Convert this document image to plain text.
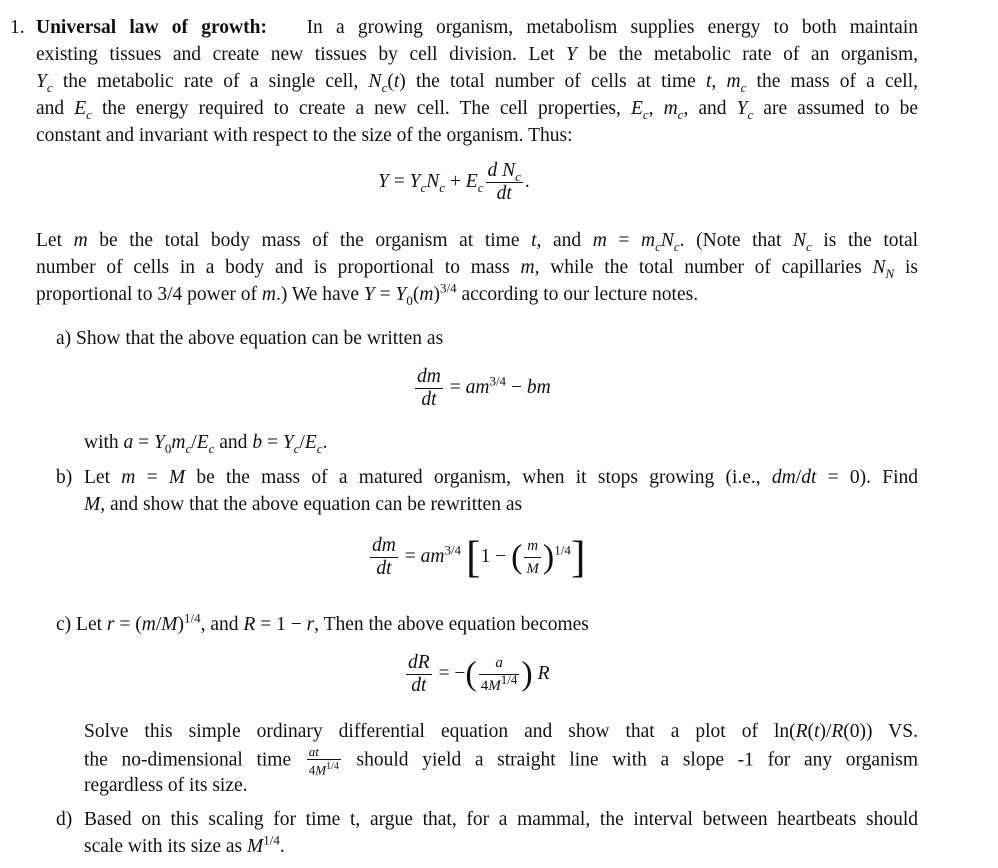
1. Universal law of growth: In a growing organism, metabolism supplies energy to both maintain
existing tissues and create new tissues by cell division. Let Y be the metabolic rate of an organism,
$Y_c$ the metabolic rate of a single cell, $N_c(t)$ the total number of cells at time t, $m_c$ the mass of a cell,
and $E_c$ the energy required to create a new cell. The cell properties, $E_c$, $m_c$, and $Y_c$ are assumed to be
constant and invariant with respect to the size of the organism. Thus:
$Y = Y_cN_c + E_c \frac{d N_c}{dt}$ .
Let m be the total body mass of the organism at time t, and $m = m_cN_c$. (Note that $N_c$ is the total
number of cells in a body and is proportional to mass m, while the total number of capillaries $N_N$ is
proportional to 3/4 power of m.) We have $Y = Y_0(m)^{3/4}$ according to our lecture notes.
a) Show that the above equation can be written as
$\frac{dm}{dt} = am^{3/4}$ − bm
with $a = Y_0m_c/E_c$ and $b = Y_c/E_c$.
b) Let m = M be the mass of a matured organism, when it stops growing (i.e., dm/dt = 0). Find
M, and show that the above equation can be rewritten as
$\frac{dm}{dt} = am^{3/4}$ [1 − ( $\frac{m}{M} )^{1/4}$]
c) Let $r = (m/M)^{1/4}$, and R = 1 − r, Then the above equation becomes
$\frac{dR}{dt}$ = −( $\frac{a}{4M1/4}$ ) R
Solve this simple ordinary differential equation and show that a plot of ln(R(t)/R(0)) VS.
the no-dimensional time $\frac{at}{4M^{1/4}}$ should yield a straight line with a slope -1 for any organism
regardless of its size.
d) Based on this scaling for time t, argue that, for a mammal, the interval between heartbeats should
scale with its size as $M^{1/4}$.
